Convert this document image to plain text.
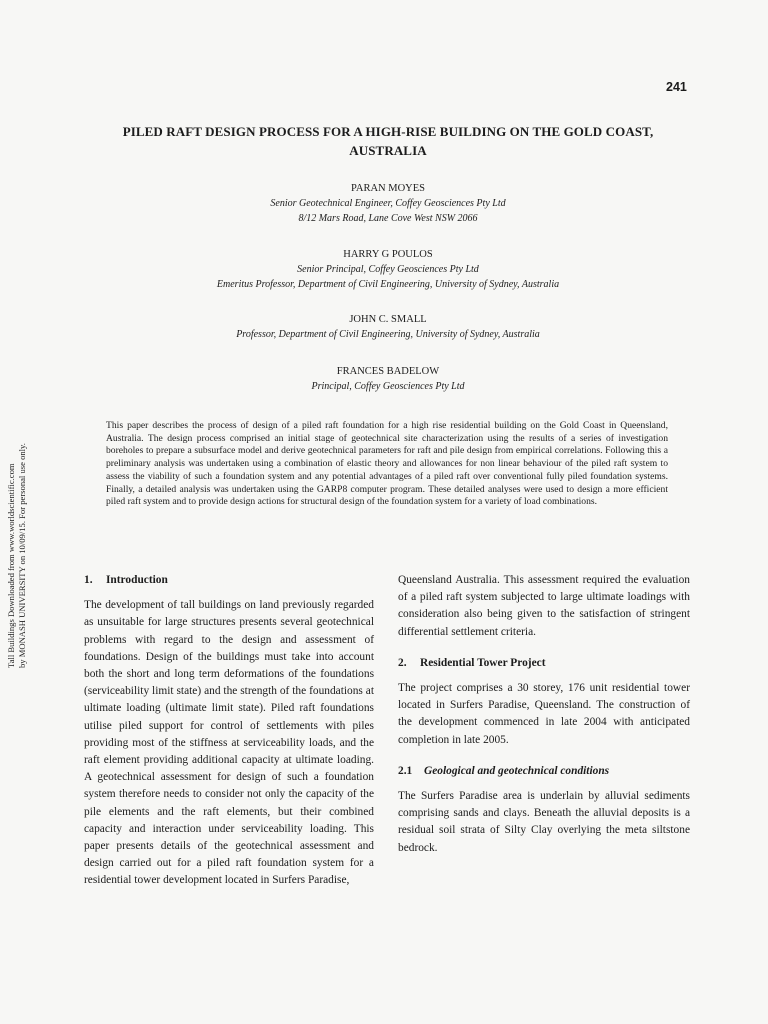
241
Tall Buildings Downloaded from www.worldscientific.com by MONASH UNIVERSITY on 10/09/15. For personal use only.
PILED RAFT DESIGN PROCESS FOR A HIGH-RISE BUILDING ON THE GOLD COAST,
AUSTRALIA
PARAN MOYES
Senior Geotechnical Engineer, Coffey Geosciences Pty Ltd
8/12 Mars Road, Lane Cove West NSW 2066
HARRY G POULOS
Senior Principal, Coffey Geosciences Pty Ltd
Emeritus Professor, Department of Civil Engineering, University of Sydney, Australia
JOHN C. SMALL
Professor, Department of Civil Engineering, University of Sydney, Australia
FRANCES BADELOW
Principal, Coffey Geosciences Pty Ltd

This paper describes the process of design of a piled raft foundation for a high rise residential building on the Gold Coast in Queensland, Australia. The design process comprised an initial stage of geotechnical site characterization using the results of a series of investigation boreholes to prepare a subsurface model and derive geotechnical parameters for raft and pile design from empirical correlations. Following this a preliminary analysis was undertaken using a combination of elastic theory and allowances for non linear behaviour of the piled raft system to assess the viability of such a foundation system and any potential advantages of a piled raft over conventional fully piled foundation systems. Finally, a detailed analysis was undertaken using the GARP8 computer program. These detailed analyses were used to design a more efficient piled raft system and to provide design actions for structural design of the foundation system for a variety of load combinations.

1. Introduction

The development of tall buildings on land previously regarded as unsuitable for large structures presents several geotechnical problems with regard to the design and assessment of foundations. Design of the buildings must take into account both the short and long term deformations of the foundations (serviceability limit state) and the strength of the foundations at ultimate loading (ultimate limit state). Piled raft foundations utilise piled support for control of settlements with piles providing most of the stiffness at serviceability loads, and the raft element providing additional capacity at ultimate loading. A geotechnical assessment for design of such a foundation system therefore needs to consider not only the capacity of the pile elements and the raft elements, but their combined capacity and interaction under serviceability loading. This paper presents details of the geotechnical assessment and design carried out for a piled raft foundation system for a residential tower development located in Surfers Paradise,

Queensland Australia. This assessment required the evaluation of a piled raft system subjected to large ultimate loadings with consideration also being given to the satisfaction of stringent differential settlement criteria.

2. Residential Tower Project

The project comprises a 30 storey, 176 unit residential tower located in Surfers Paradise, Queensland. The construction of the development commenced in late 2004 with anticipated completion in late 2005.

2.1 Geological and geotechnical conditions

The Surfers Paradise area is underlain by alluvial sediments comprising sands and clays. Beneath the alluvial deposits is a residual soil strata of Silty Clay overlying the meta siltstone bedrock.
